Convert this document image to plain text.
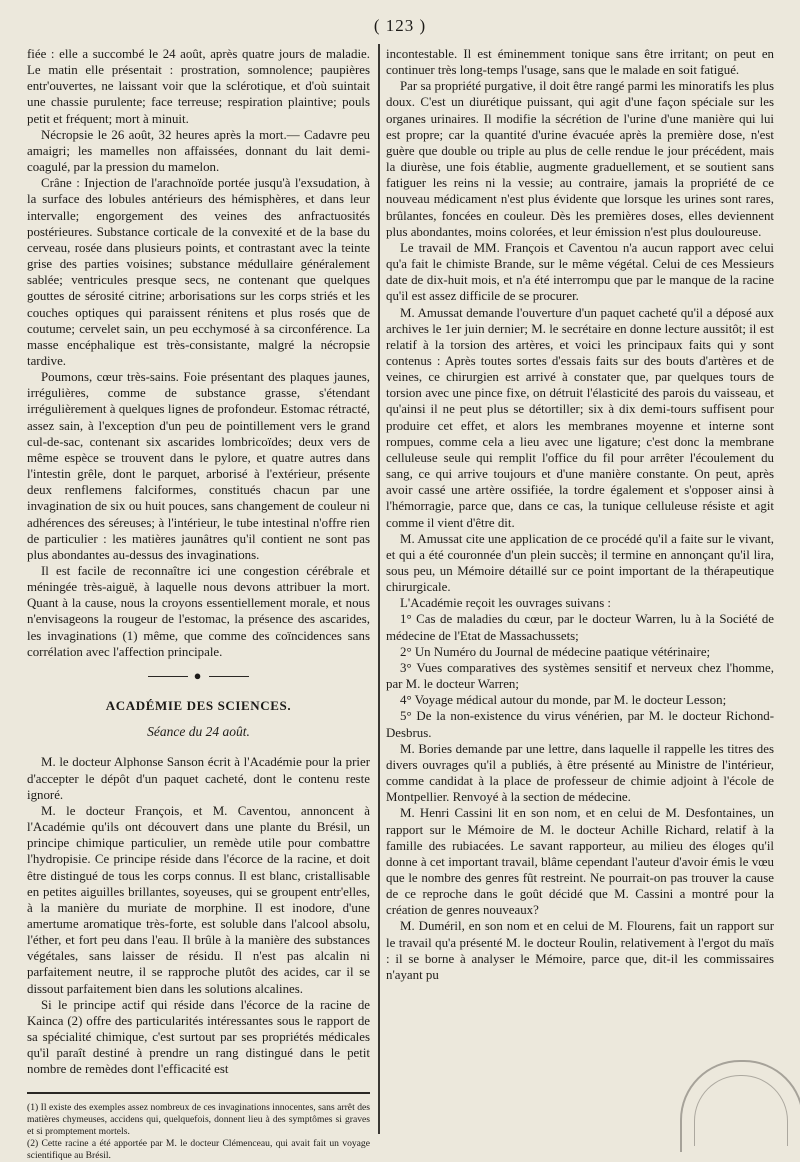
( 123 )

fiée : elle a succombé le 24 août, après quatre jours de maladie. Le matin elle présentait : prostration, somnolence; paupières entr'ouvertes, ne laissant voir que la sclérotique, et d'où suintait une chassie purulente; face terreuse; respiration plaintive; pouls petit et fréquent; mort à minuit.

Nécropsie le 26 août, 32 heures après la mort.— Cadavre peu amaigri; les mamelles non affaissées, donnant du lait demi-coagulé, par la pression du mamelon.

Crâne : Injection de l'arachnoïde portée jusqu'à l'exsudation, à la surface des lobules antérieurs des hémisphères, et dans leur intervalle; engorgement des veines des anfractuosités postérieures. Substance corticale de la convexité et de la base du cerveau, rosée dans plusieurs points, et contrastant avec la teinte grise des parties voisines; substance médullaire généralement sablée; ventricules presque secs, ne contenant que quelques gouttes de sérosité citrine; arborisations sur les corps striés et les couches optiques qui paraissent rénitens et plus rosés que de coutume; cervelet sain, un peu ecchymosé à sa circonférence. La masse encéphalique est très-consistante, malgré la nécropsie tardive.

Poumons, cœur très-sains. Foie présentant des plaques jaunes, irrégulières, comme de substance grasse, s'étendant irrégulièrement à quelques lignes de profondeur. Estomac rétracté, assez sain, à l'exception d'un peu de pointillement vers le grand cul-de-sac, contenant six ascarides lombricoïdes; deux vers de même espèce se trouvent dans le pylore, et quatre autres dans l'intestin grêle, dont le parquet, arborisé à l'extérieur, présente deux renflemens falciformes, constitués chacun par une invagination de six ou huit pouces, sans changement de couleur ni adhérences des séreuses; à l'intérieur, le tube intestinal n'offre rien de particulier : les matières jaunâtres qu'il contient ne sont pas plus abondantes au-dessus des invaginations.

Il est facile de reconnaître ici une congestion cérébrale et méningée très-aiguë, à laquelle nous devons attribuer la mort. Quant à la cause, nous la croyons essentiellement morale, et nous n'envisageons la rougeur de l'estomac, la présence des ascarides, les invaginations (1) même, que comme des coïncidences sans corrélation avec l'affection principale.

●
ACADÉMIE DES SCIENCES.
Séance du 24 août.

M. le docteur Alphonse Sanson écrit à l'Académie pour la prier d'accepter le dépôt d'un paquet cacheté, dont le contenu reste ignoré.

M. le docteur François, et M. Caventou, annoncent à l'Académie qu'ils ont découvert dans une plante du Brésil, un principe chimique particulier, un remède utile pour combattre l'hydropisie. Ce principe réside dans l'écorce de la racine, et doit être distingué de tous les corps connus. Il est blanc, cristallisable en petites aiguilles brillantes, soyeuses, qui se groupent entr'elles, à la manière du muriate de morphine. Il est inodore, d'une amertume aromatique très-forte, est soluble dans l'alcool absolu, l'éther, et fort peu dans l'eau. Il brûle à la manière des substances végétales, sans laisser de résidu. Il n'est pas alcalin ni parfaitement neutre, il se rapproche plutôt des acides, car il se dissout parfaitement bien dans les solutions alcalines.

Si le principe actif qui réside dans l'écorce de la racine de Kainca (2) offre des particularités intéressantes sous le rapport de sa spécialité chimique, c'est surtout par ses propriétés médicales qu'il paraît destiné à prendre un rang distingué dans le petit nombre de remèdes dont l'efficacité est

(1) Il existe des exemples assez nombreux de ces invaginations innocentes, sans arrêt des matières chymeuses, accidens qui, quelquefois, donnent lieu à des symptômes si graves et si promptement mortels.

(2) Cette racine a été apportée par M. le docteur Clémenceau, qui avait fait un voyage scientifique au Brésil.

incontestable. Il est éminemment tonique sans être irritant; on peut en continuer très long-temps l'usage, sans que le malade en soit fatigué.

Par sa propriété purgative, il doit être rangé parmi les minoratifs les plus doux. C'est un diurétique puissant, qui agit d'une façon spéciale sur les organes urinaires. Il modifie la sécrétion de l'urine d'une manière qui lui est propre; car la quantité d'urine évacuée après la première dose, n'est guère que double ou triple au plus de celle rendue le jour précédent, mais la diurèse, une fois établie, augmente graduellement, et se soutient sans fatiguer les reins ni la vessie; au contraire, jamais la propriété de ce nouveau médicament n'est plus évidente que lorsque les urines sont rares, brûlantes, foncées en couleur. Dès les premières doses, elles deviennent plus abondantes, moins colorées, et leur émission n'est plus douloureuse.

Le travail de MM. François et Caventou n'a aucun rapport avec celui qu'a fait le chimiste Brande, sur le même végétal. Celui de ces Messieurs date de dix-huit mois, et n'a été interrompu que par le manque de la racine qu'il est assez difficile de se procurer.

M. Amussat demande l'ouverture d'un paquet cacheté qu'il a déposé aux archives le 1er juin dernier; M. le secrétaire en donne lecture aussitôt; il est relatif à la torsion des artères, et voici les principaux faits qui y sont contenus : Après toutes sortes d'essais faits sur des bouts d'artères et de veines, ce chirurgien est arrivé à constater que, par quelques tours de torsion avec une pince fixe, on détruit l'élasticité des parois du vaisseau, et qu'ainsi il ne peut plus se détortiller; six à dix demi-tours suffisent pour produire cet effet, et alors les membranes moyenne et interne sont rompues, comme cela a lieu avec une ligature; c'est donc la membrane celluleuse seule qui remplit l'office du fil pour arrêter l'écoulement du sang, ce qui arrive toujours et d'une manière constante. On peut, après avoir cassé une artère ossifiée, la tordre également et s'opposer ainsi à l'hémorragie, parce que, dans ce cas, la tunique celluleuse résiste et agit comme il vient d'être dit.

M. Amussat cite une application de ce procédé qu'il a faite sur le vivant, et qui a été couronnée d'un plein succès; il termine en annonçant qu'il lira, sous peu, un Mémoire détaillé sur ce point important de la thérapeutique chirurgicale.

L'Académie reçoit les ouvrages suivans :

1° Cas de maladies du cœur, par le docteur Warren, lu à la Société de médecine de l'Etat de Massachussets;

2° Un Numéro du Journal de médecine paatique vétérinaire;

3° Vues comparatives des systèmes sensitif et nerveux chez l'homme, par M. le docteur Warren;

4° Voyage médical autour du monde, par M. le docteur Lesson;

5° De la non-existence du virus vénérien, par M. le docteur Richond-Desbrus.

M. Bories demande par une lettre, dans laquelle il rappelle les titres des divers ouvrages qu'il a publiés, à être présenté au Ministre de l'intérieur, comme candidat à la place de professeur de chimie adjoint à l'école de Montpellier. Renvoyé à la section de médecine.

M. Henri Cassini lit en son nom, et en celui de M. Desfontaines, un rapport sur le Mémoire de M. le docteur Achille Richard, relatif à la famille des rubiacées. Le savant rapporteur, au milieu des éloges qu'il donne à cet important travail, blâme cependant l'auteur d'avoir émis le vœu que le nombre des genres fût restreint. Ne pourrait-on pas trouver la cause de ce reproche dans le goût décidé que M. Cassini a montré pour la création de genres nouveaux?

M. Duméril, en son nom et en celui de M. Flourens, fait un rapport sur le travail qu'a présenté M. le docteur Roulin, relativement à l'ergot du maïs : il se borne à analyser le Mémoire, parce que, dit-il les commissaires n'ayant pu
